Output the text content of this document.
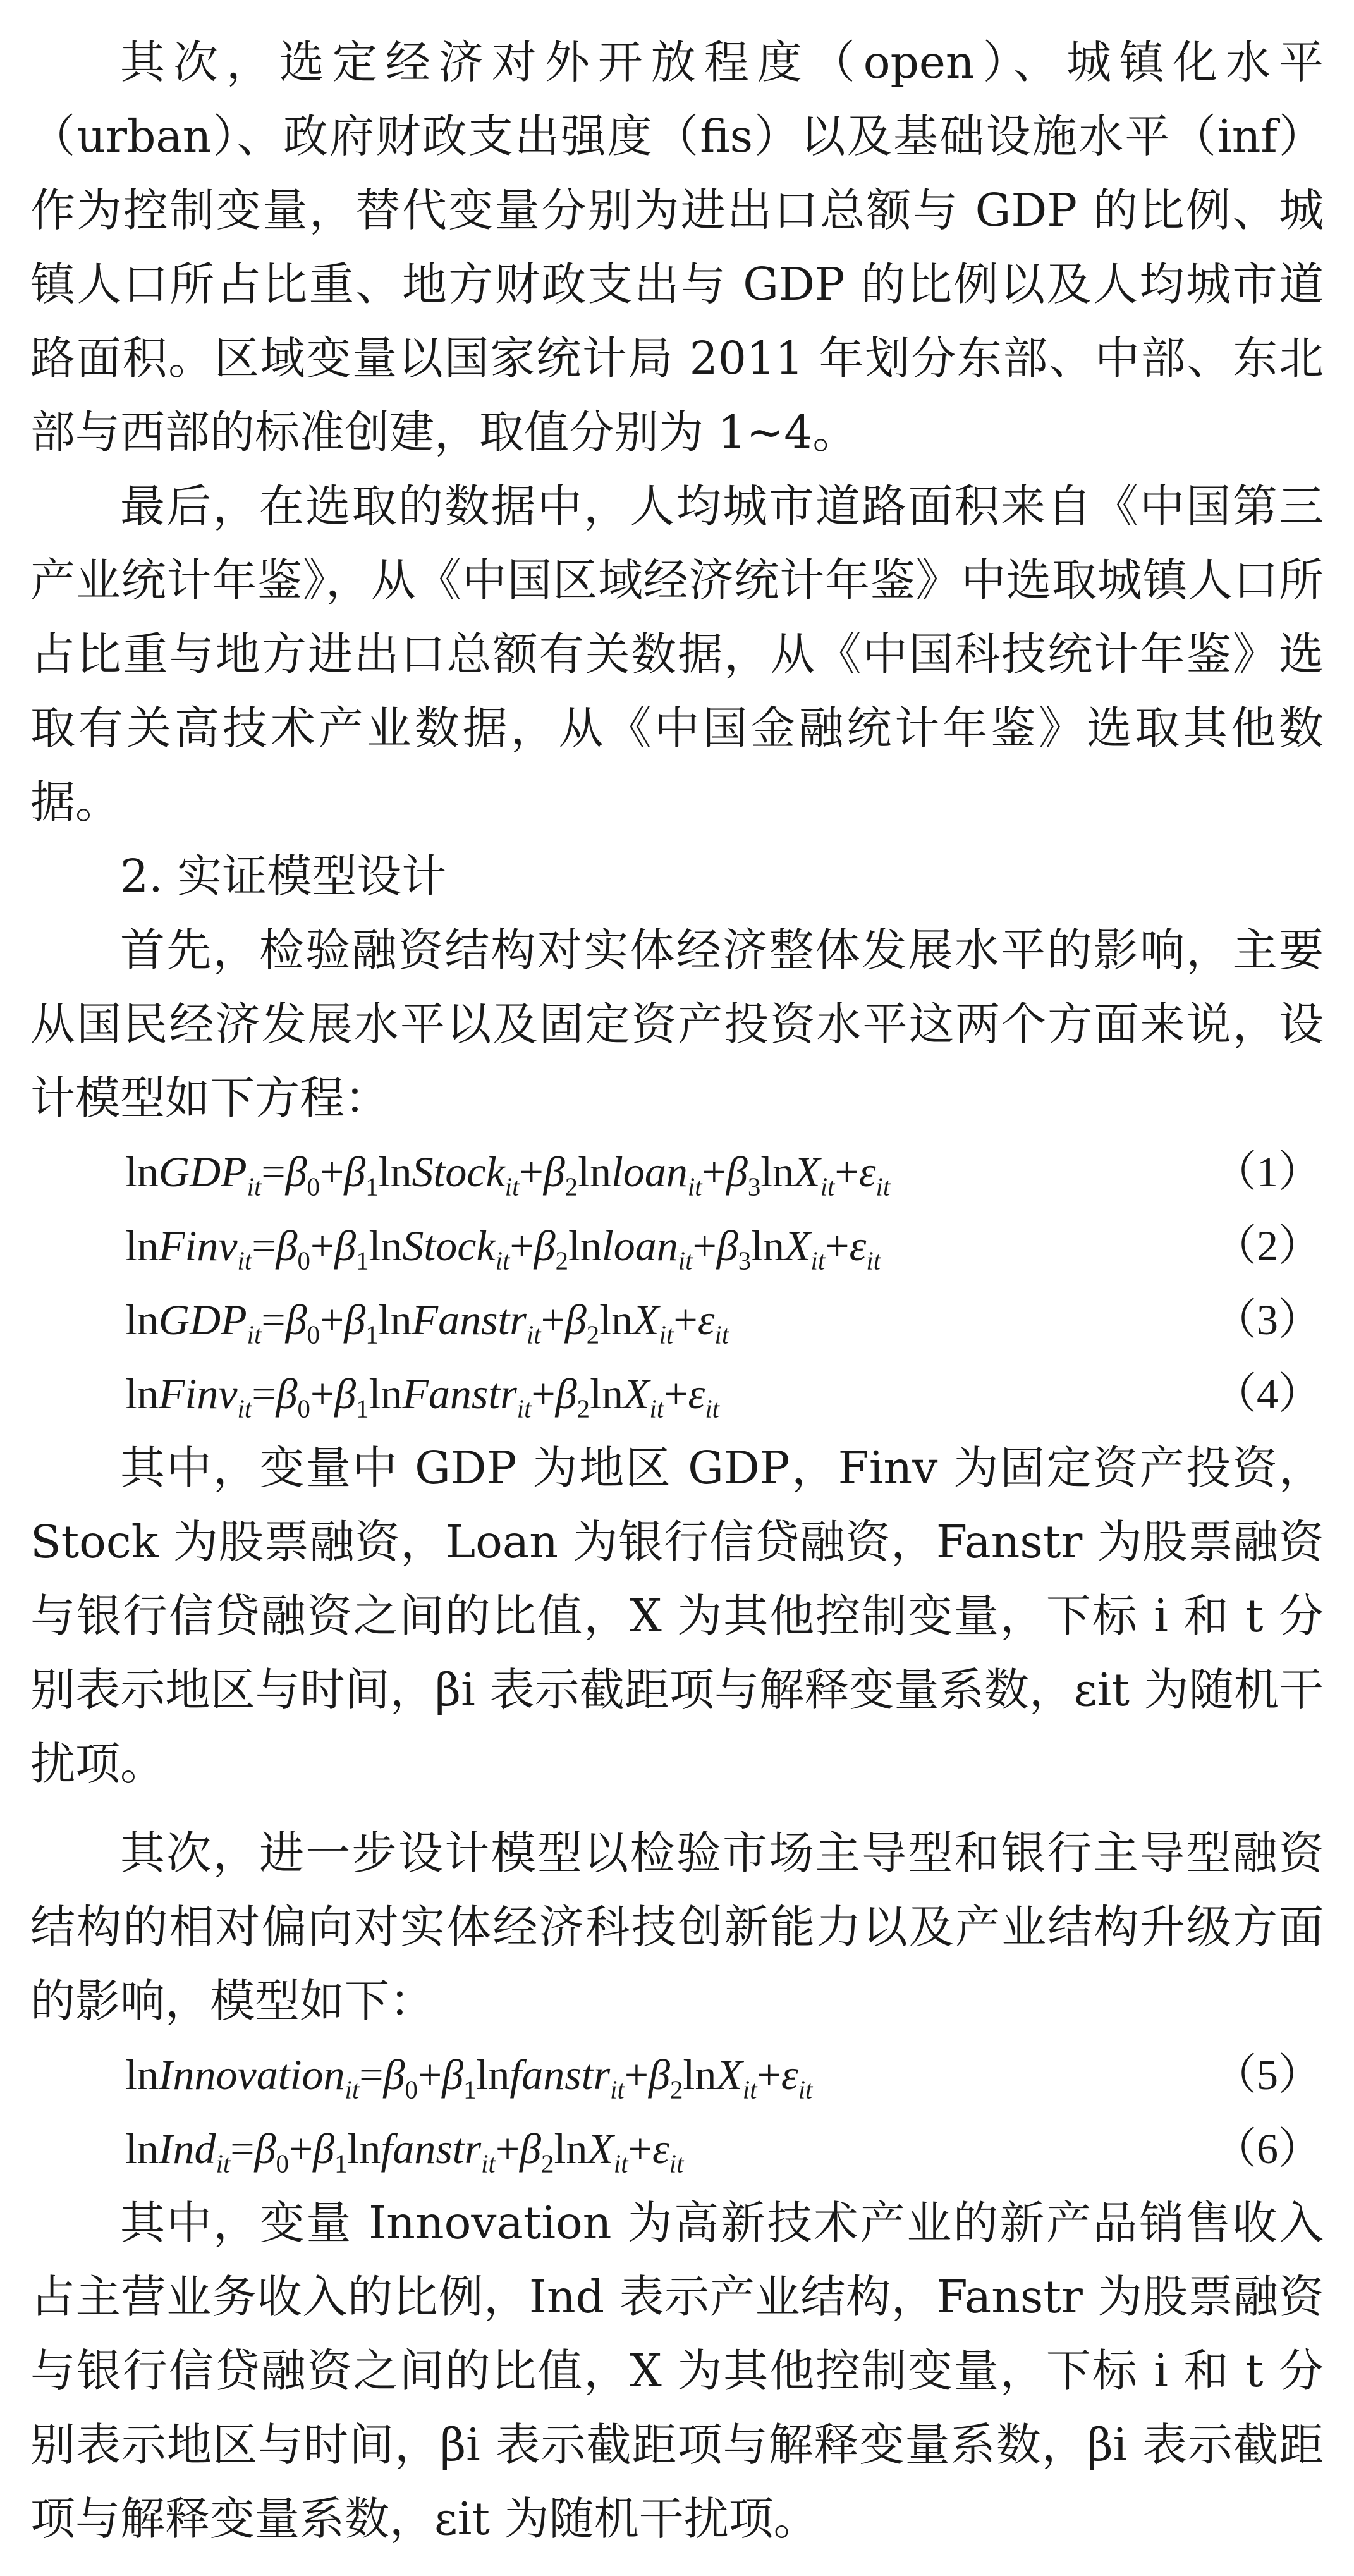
其次，选定经济对外开放程度（open）、城镇化水平（urban）、政府财政支出强度（fis）以及基础设施水平（inf）作为控制变量，替代变量分别为进出口总额与 GDP 的比例、城镇人口所占比重、地方财政支出与 GDP 的比例以及人均城市道路面积。区域变量以国家统计局 2011 年划分东部、中部、东北部与西部的标准创建，取值分别为 1~4。

最后，在选取的数据中，人均城市道路面积来自《中国第三产业统计年鉴》，从《中国区域经济统计年鉴》中选取城镇人口所占比重与地方进出口总额有关数据，从《中国科技统计年鉴》选取有关高技术产业数据，从《中国金融统计年鉴》选取其他数据。

2. 实证模型设计

首先，检验融资结构对实体经济整体发展水平的影响，主要从国民经济发展水平以及固定资产投资水平这两个方面来说，设计模型如下方程：

$lnGDP_{it}=\beta_0+\beta_1lnStock_{it}+\beta_2lnloan_{it}+\beta_3\ln X_{it}+\varepsilon_{it}$	（1）
$lnFinv_{it}=\beta_0+\beta_1lnStock_{it}+\beta_2lnloan_{it}+\beta_3\ln X_{it}+\varepsilon_{it}$	（2）
$lnGDP_{it}=\beta_0+\beta_1lnFanstr_{it}+\beta_2\ln X_{it}+\varepsilon_{it}$	（3）
$lnFinv_{it}=\beta_0+\beta_1lnFanstr_{it}+\beta_2\ln X_{it}+\varepsilon_{it}$	（4）

其中，变量中 GDP 为地区 GDP，Finv 为固定资产投资，Stock 为股票融资，Loan 为银行信贷融资，Fanstr 为股票融资与银行信贷融资之间的比值，X 为其他控制变量，下标 i 和 t 分别表示地区与时间，βi 表示截距项与解释变量系数，εit 为随机干扰项。

其次，进一步设计模型以检验市场主导型和银行主导型融资结构的相对偏向对实体经济科技创新能力以及产业结构升级方面的影响，模型如下：

$lnInnovation_{it}=\beta_0+\beta_1lnfanstr_{it}+\beta_2\ln X_{it}+\varepsilon_{it}$	（5）
$lnInd_{it}=\beta_0+\beta_1lnfanstr_{it}+\beta_2\ln X_{it}+\varepsilon_{it}$	（6）

其中，变量 Innovation 为高新技术产业的新产品销售收入占主营业务收入的比例，Ind 表示产业结构，Fanstr 为股票融资与银行信贷融资之间的比值，X 为其他控制变量，下标 i 和 t 分别表示地区与时间，βi 表示截距项与解释变量系数，βi 表示截距项与解释变量系数，εit 为随机干扰项。
